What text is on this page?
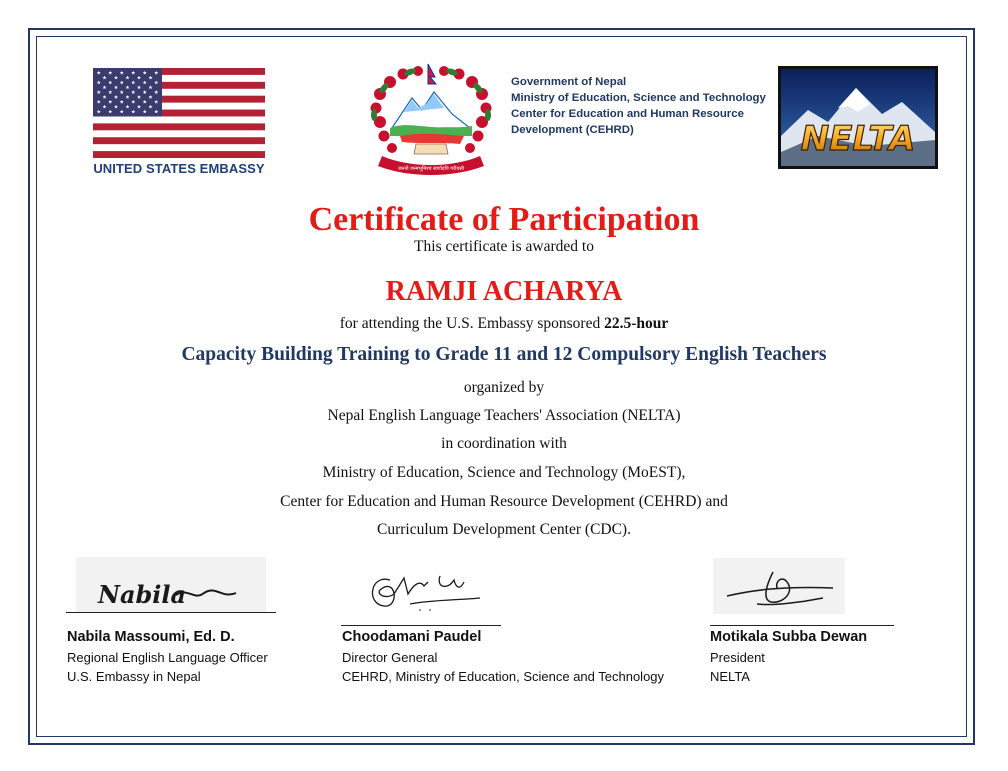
UNITED STATES EMBASSY	जननी जन्मभूमिश्च स्वर्गादपि गरीयसी
Government of Nepal
Ministry of Education, Science and Technology
Center for Education and Human Resource
Development (CEHRD)	NELTA
Certificate of Participation
This certificate is awarded to
RAMJI ACHARYA
for attending the U.S. Embassy sponsored 22.5-hour
Capacity Building Training to Grade 11 and 12 Compulsory English Teachers
organized by
Nepal English Language Teachers' Association (NELTA)
in coordination with
Ministry of Education, Science and Technology (MoEST),
Center for Education and Human Resource Development (CEHRD) and
Curriculum Development Center (CDC).
Nabila
Nabila Massoumi, Ed. D.
Regional English Language Officer
U.S. Embassy in Nepal
Choodamani Paudel
Director General
CEHRD, Ministry of Education, Science and Technology
Motikala Subba Dewan
President
NELTA
